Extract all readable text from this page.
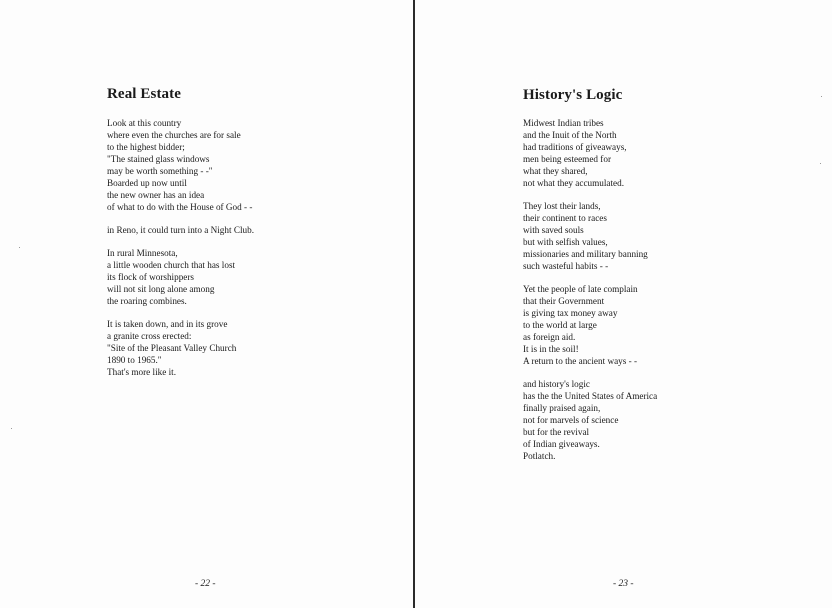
Real Estate
Look at this country
where even the churches are for sale
to the highest bidder;
"The stained glass windows
may be worth something - -"
Boarded up now until
the new owner has an idea
of what to do with the House of God - -
in Reno, it could turn into a Night Club.
In rural Minnesota,
a little wooden church that has lost
its flock of worshippers
will not sit long alone among
the roaring combines.
It is taken down, and in its grove
a granite cross erected:
"Site of the Pleasant Valley Church
1890 to 1965."
That's more like it.
- 22 -
History's Logic
Midwest Indian tribes
and the Inuit of the North
had traditions of giveaways,
men being esteemed for
what they shared,
not what they accumulated.
They lost their lands,
their continent to races
with saved souls
but with selfish values,
missionaries and military banning
such wasteful habits - -
Yet the people of late complain
that their Government
is giving tax money away
to the world at large
as foreign aid.
It is in the soil!
A return to the ancient ways - -
and history's logic
has the the United States of America
finally praised again,
not for marvels of science
but for the revival
of Indian giveaways.
Potlatch.
- 23 -
